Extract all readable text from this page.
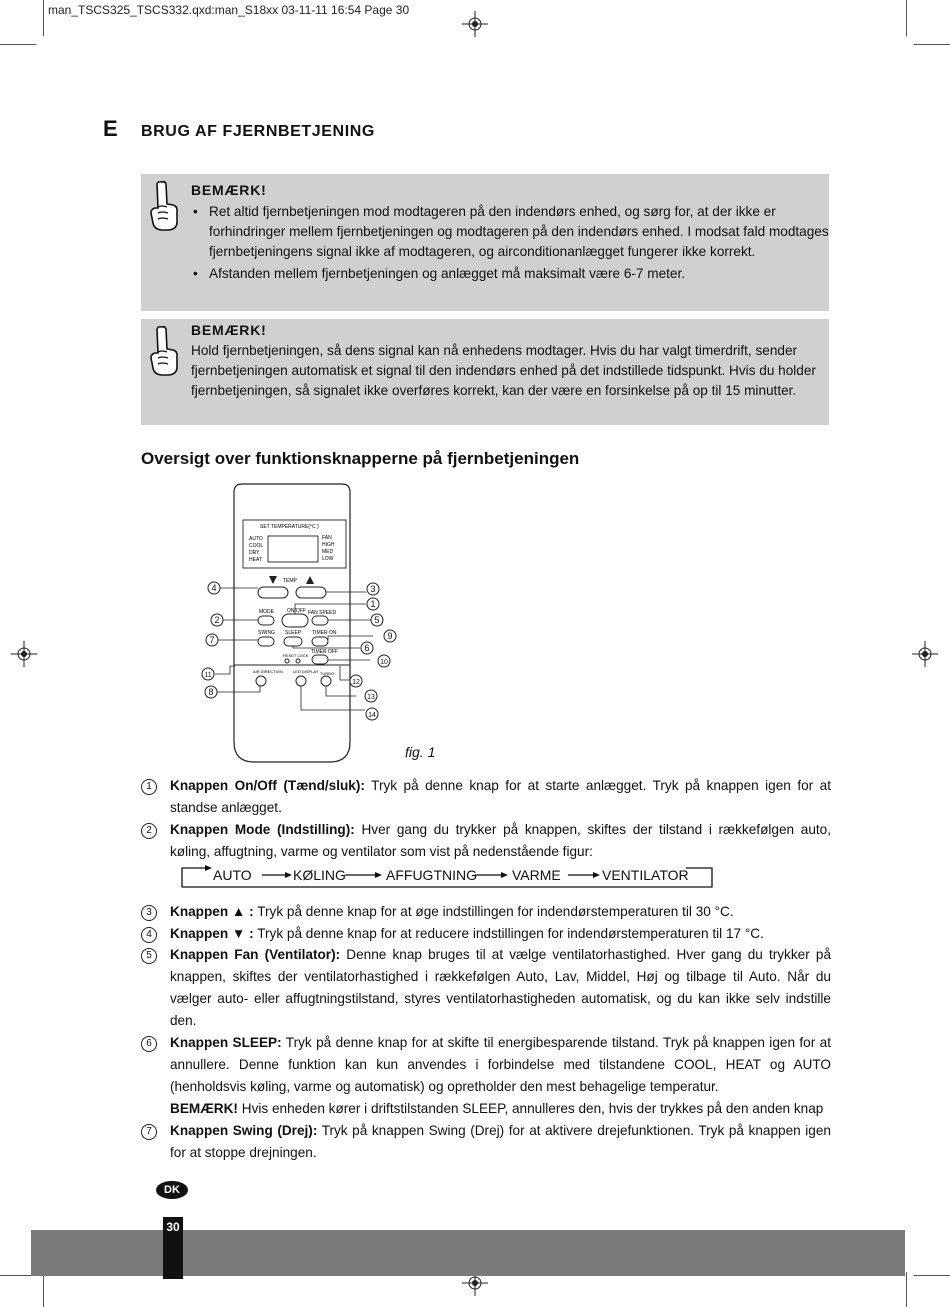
man_TSCS325_TSCS332.qxd:man_S18xx 03-11-11 16:54 Page 30
E BRUG AF FJERNBETJENING
BEMÆRK!
• Ret altid fjernbetjeningen mod modtageren på den indendørs enhed, og sørg for, at der ikke er forhindringer mellem fjernbetjeningen og modtageren på den indendørs enhed. I modsat fald modtages fjernbetjeningens signal ikke af modtageren, og airconditionanlægget fungerer ikke korrekt.
• Afstanden mellem fjernbetjeningen og anlægget må maksimalt være 6-7 meter.
BEMÆRK!
Hold fjernbetjeningen, så dens signal kan nå enhedens modtager. Hvis du har valgt timerdrift, sender fjernbetjeningen automatisk et signal til den indendørs enhed på det indstillede tidspunkt. Hvis du holder fjernbetjeningen, så signalet ikke overføres korrekt, kan der være en forsinkelse på op til 15 minutter.
Oversigt over funktionsknapperne på fjernbetjeningen
SET TEMPERATURE(°C )
AUTO
COOL
DRY
HEAT
FAN
HIGH
MED
LOW
TEMP
MODE	ON/OFF FAN SPEED
SWING SLEEP TIMER ON
RESET LOCK
TIMER OFF
AIR DIRECTION	LED DISPLAY TURBO
4	3
1
2	5
7	9
6
10
11
12
8
13
14
fig. 1
1	Knappen On/Off (Tænd/sluk): Tryk på denne knap for at starte anlægget. Tryk på knappen igen for at standse anlægget.
2	Knappen Mode (Indstilling): Hver gang du trykker på knappen, skiftes der tilstand i rækkefølgen auto, køling, affugtning, varme og ventilator som vist på nedenstående figur:
AUTO	KØLING	AFFUGTNING	VARME	VENTILATOR
3	Knappen ▲ : Tryk på denne knap for at øge indstillingen for indendørstemperaturen til 30 °C.
4	Knappen ▼ : Tryk på denne knap for at reducere indstillingen for indendørstemperaturen til 17 °C.
5	Knappen Fan (Ventilator): Denne knap bruges til at vælge ventilatorhastighed. Hver gang du trykker på knappen, skiftes der ventilatorhastighed i rækkefølgen Auto, Lav, Middel, Høj og tilbage til Auto. Når du vælger auto- eller affugtningstilstand, styres ventilatorhastigheden automatisk, og du kan ikke selv indstille den.
6	Knappen SLEEP: Tryk på denne knap for at skifte til energibesparende tilstand. Tryk på knappen igen for at annullere. Denne funktion kan kun anvendes i forbindelse med tilstandene COOL, HEAT og AUTO (henholdsvis køling, varme og automatisk) og opretholder den mest behagelige temperatur.
BEMÆRK! Hvis enheden kører i driftstilstanden SLEEP, annulleres den, hvis der trykkes på den anden knap
7	Knappen Swing (Drej): Tryk på knappen Swing (Drej) for at aktivere drejefunktionen. Tryk på knappen igen for at stoppe drejningen.
DK
30
